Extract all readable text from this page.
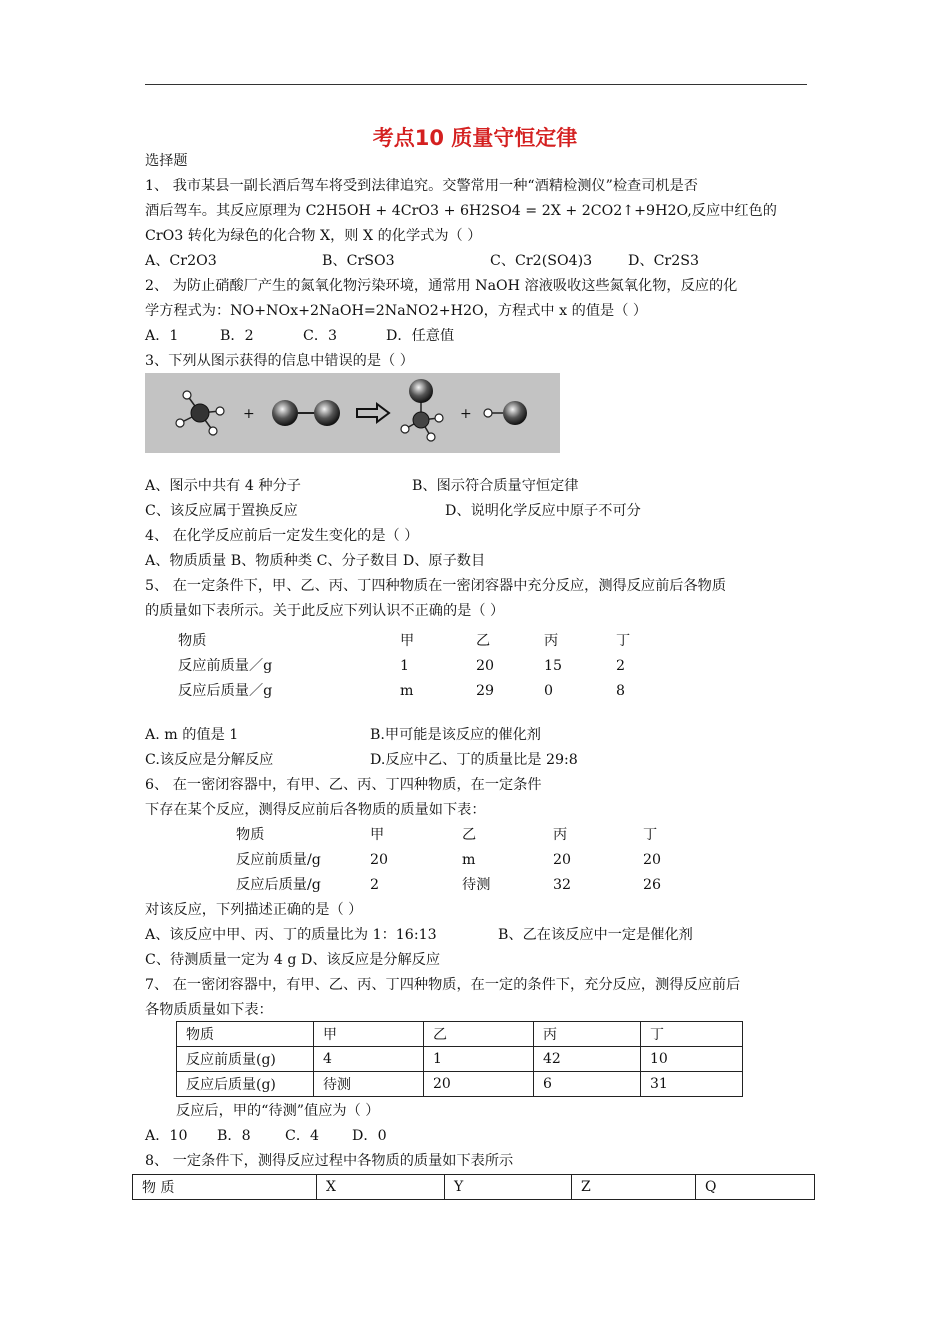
考点10 质量守恒定律
选择题
1、 我市某县一副长酒后驾车将受到法律追究。交警常用一种“酒精检测仪”检查司机是否
酒后驾车。其反应原理为 C2H5OH + 4CrO3 + 6H2SO4 = 2X + 2CO2↑+9H2O,反应中红色的
CrO3 转化为绿色的化合物 X，则 X 的化学式为（ ）
A、Cr2O3	B、CrSO3	C、Cr2(SO4)3	D、Cr2S3
2、 为防止硝酸厂产生的氮氧化物污染环境，通常用 NaOH 溶液吸收这些氮氧化物，反应的化
学方程式为：NO+NOx+2NaOH=2NaNO2+H2O，方程式中 x 的值是（ ）
A．1	B．2	C．3	D．任意值
3、下列从图示获得的信息中错误的是（ ）
+	+
A、图示中共有 4 种分子	B、图示符合质量守恒定律
C、该反应属于置换反应	D、说明化学反应中原子不可分
4、 在化学反应前后一定发生变化的是（ ）
A、物质质量 B、物质种类 C、分子数目 D、原子数目
5、 在一定条件下，甲、乙、丙、丁四种物质在一密闭容器中充分反应，测得反应前后各物质
的质量如下表所示。关于此反应下列认识不正确的是（ ）
物质	甲	乙	丙	丁
反应前质量／g	1	20	15	2
反应后质量／g	m	29	0	8
A. m 的值是 1	B.甲可能是该反应的催化剂
C.该反应是分解反应	D.反应中乙、丁的质量比是 29:8
6、 在一密闭容器中，有甲、乙、丙、丁四种物质，在一定条件
下存在某个反应，测得反应前后各物质的质量如下表：
物质	甲	乙	丙	丁
反应前质量/g	20	m	20	20
反应后质量/g	2	待测	32	26
对该反应，下列描述正确的是（ ）
A、该反应中甲、丙、丁的质量比为 1：16:13	B、乙在该反应中一定是催化剂
C、待测质量一定为 4 g D、该反应是分解反应
7、 在一密闭容器中，有甲、乙、丙、丁四种物质，在一定的条件下，充分反应，测得反应前后
各物质质量如下表：
物质	甲	乙	丙	丁
反应前质量(g)	4	1	42	10
反应后质量(g)	待测	20	6	31
反应后，甲的“待测”值应为（ ）
A．10 B．8 C．4 D．0
8、 一定条件下，测得反应过程中各物质的质量如下表所示
物 质	X	Y	Z	Q
